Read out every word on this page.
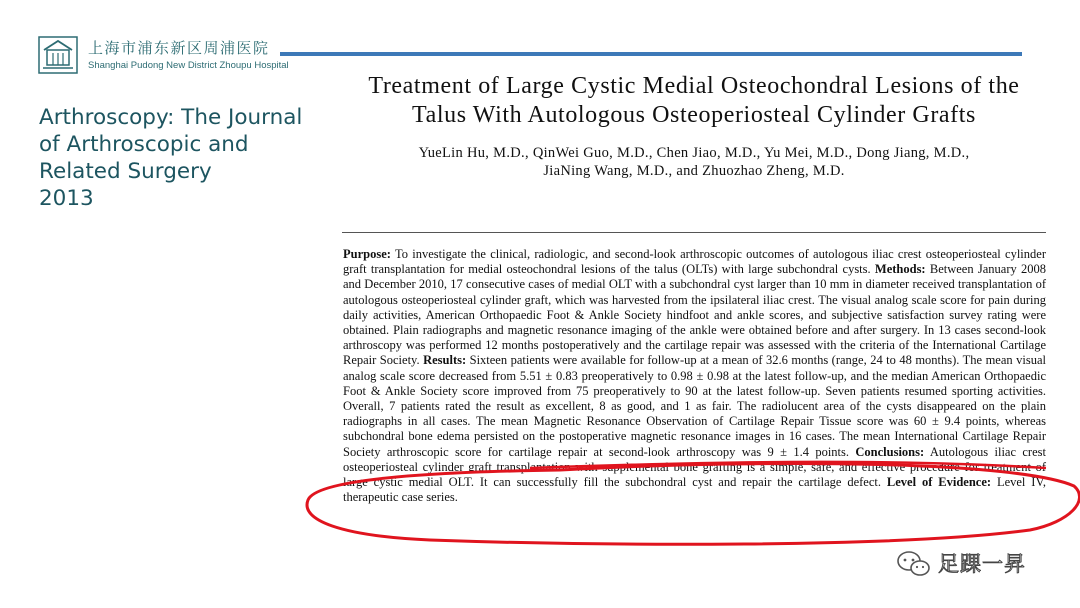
上海市浦东新区周浦医院
Shanghai Pudong New District Zhoupu Hospital
Arthroscopy: The Journal
of Arthroscopic and
Related Surgery
2013
Treatment of Large Cystic Medial Osteochondral Lesions of the
Talus With Autologous Osteoperiosteal Cylinder Grafts
YueLin Hu, M.D., QinWei Guo, M.D., Chen Jiao, M.D., Yu Mei, M.D., Dong Jiang, M.D.,
JiaNing Wang, M.D., and Zhuozhao Zheng, M.D.
Purpose: To investigate the clinical, radiologic, and second-look arthroscopic outcomes of autologous iliac crest osteoperiosteal cylinder graft transplantation for medial osteochondral lesions of the talus (OLTs) with large subchondral cysts. Methods: Between January 2008 and December 2010, 17 consecutive cases of medial OLT with a subchondral cyst larger than 10 mm in diameter received transplantation of autologous osteoperiosteal cylinder graft, which was harvested from the ipsilateral iliac crest. The visual analog scale score for pain during daily activities, American Orthopaedic Foot & Ankle Society hindfoot and ankle scores, and subjective satisfaction survey rating were obtained. Plain radiographs and magnetic resonance imaging of the ankle were obtained before and after surgery. In 13 cases second-look arthroscopy was performed 12 months postoperatively and the cartilage repair was assessed with the criteria of the International Cartilage Repair Society. Results: Sixteen patients were available for follow-up at a mean of 32.6 months (range, 24 to 48 months). The mean visual analog scale score decreased from 5.51 ± 0.83 preoperatively to 0.98 ± 0.98 at the latest follow-up, and the median American Orthopaedic Foot & Ankle Society score improved from 75 preoperatively to 90 at the latest follow-up. Seven patients resumed sporting activities. Overall, 7 patients rated the result as excellent, 8 as good, and 1 as fair. The radiolucent area of the cysts disappeared on the plain radiographs in all cases. The mean Magnetic Resonance Observation of Cartilage Repair Tissue score was 60 ± 9.4 points, whereas subchondral bone edema persisted on the postoperative magnetic resonance images in 16 cases. The mean International Cartilage Repair Society arthroscopic score for cartilage repair at second-look arthroscopy was 9 ± 1.4 points. Conclusions: Autologous iliac crest osteoperiosteal cylinder graft transplantation with supplemental bone grafting is a simple, safe, and effective procedure for treatment of large cystic medial OLT. It can successfully fill the subchondral cyst and repair the cartilage defect. Level of Evidence: Level IV, therapeutic case series.
足踝一昇
